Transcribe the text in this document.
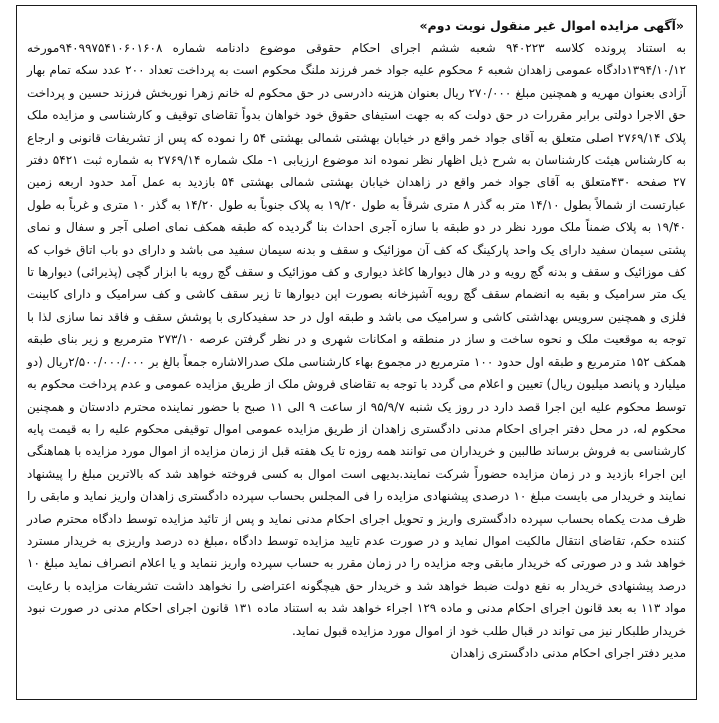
«آگهی مزایده اموال غیر منقول نوبت دوم»

به استناد پرونده کلاسه ۹۴۰۲۲۳ شعبه ششم اجرای احکام حقوقی موضوع دادنامه شماره ۹۴۰۹۹۷۵۴۱۰۶۰۱۶۰۸مورخه ۱۳۹۴/۱۰/۱۲دادگاه عمومی زاهدان شعبه ۶ محکوم علیه جواد خمر فرزند ملنگ محکوم است به پرداخت تعداد ۲۰۰ عدد سکه تمام بهار آزادی بعنوان مهریه و همچنین مبلغ ۲۷۰/۰۰۰ ریال بعنوان هزینه دادرسی در حق محکوم له خانم زهرا نوربخش فرزند حسین و پرداخت حق الاجرا دولتی برابر مقررات در حق دولت که به جهت استیفای حقوق خود خواهان بدواً تقاضای توقیف و کارشناسی و مزایده ملک پلاک ۲۷۶۹/۱۴ اصلی متعلق به آقای جواد خمر واقع در خیابان بهشتی شمالی بهشتی ۵۴ را نموده که پس از تشریفات قانونی و ارجاع به کارشناس هیئت کارشناسان به شرح ذیل اظهار نظر نموده اند موضوع ارزیابی ۱- ملک شماره ۲۷۶۹/۱۴ به شماره ثبت ۵۴۲۱ دفتر ۲۷ صفحه ۴۳۰متعلق به آقای جواد خمر واقع در زاهدان خیابان بهشتی شمالی بهشتی ۵۴ بازدید به عمل آمد حدود اربعه زمین عبارتست از شمالاً بطول ۱۴/۱۰ متر به گذر ۸ متری شرقاً به طول ۱۹/۲۰ به پلاک جنوباً به طول ۱۴/۲۰ به گذر ۱۰ متری و غرباً به طول ۱۹/۴۰ به پلاک ضمناً ملک مورد نظر در دو طبقه با سازه آجری احداث بنا گردیده که طبقه همکف نمای اصلی آجر و سفال و نمای پشتی سیمان سفید دارای یک واحد پارکینگ که کف آن موزائیک و سقف و بدنه سیمان سفید می باشد و دارای دو باب اتاق خواب که کف موزائیک و سقف و بدنه گچ رویه و در هال دیوارها کاغذ دیواری و کف موزائیک و سقف گچ رویه با ابزار گچی (پذیرائی) دیوارها تا یک متر سرامیک و بقیه به انضمام سقف گچ رویه آشپزخانه بصورت اپن دیوارها تا زیر سقف کاشی و کف سرامیک و دارای کابینت فلزی و همچنین سرویس بهداشتی کاشی و سرامیک می باشد و طبقه اول در حد سفیدکاری با پوشش سقف و فاقد نما سازی لذا با توجه به موقعیت ملک و نحوه ساخت و ساز در منطقه و امکانات شهری و در نظر گرفتن عرصه ۲۷۳/۱۰ مترمربع و زیر بنای طبقه همکف ۱۵۲ مترمربع و طبقه اول حدود ۱۰۰ مترمربع در مجموع بهاء کارشناسی ملک صدرالاشاره جمعاً بالغ بر ۲/۵۰۰/۰۰۰/۰۰۰ریال (دو میلیارد و پانصد میلیون ریال) تعیین و اعلام می گردد با توجه به تقاضای فروش ملک از طریق مزایده عمومی و عدم پرداخت محکوم به توسط محکوم علیه این اجرا قصد دارد در روز یک شنبه ۹۵/۹/۷ از ساعت ۹ الی ۱۱ صبح با حضور نماینده محترم دادستان و همچنین محکوم له، در محل دفتر اجرای احکام مدنی دادگستری زاهدان از طریق مزایده عمومی اموال توقیفی محکوم علیه را به قیمت پایه کارشناسی به فروش برساند طالبین و خریداران می توانند همه روزه تا یک هفته قبل از زمان مزایده از اموال مورد مزایده با هماهنگی این اجراء بازدید و در زمان مزایده حضوراً شرکت نمایند.بدیهی است اموال به کسی فروخته خواهد شد که بالاترین مبلغ را پیشنهاد نمایند و خریدار می بایست مبلغ ۱۰ درصدی پیشنهادی مزایده را فی المجلس بحساب سپرده دادگستری زاهدان واریز نماید و مابقی را ظرف مدت یکماه بحساب سپرده دادگستری واریز و تحویل اجرای احکام مدنی نماید و پس از تائید مزایده توسط دادگاه محترم صادر کننده حکم، تقاضای انتقال مالکیت اموال نماید و در صورت عدم تایید مزایده توسط دادگاه ،مبلغ ده درصد واریزی به خریدار مسترد خواهد شد و در صورتی که خریدار مابقی وجه مزایده را در زمان مقرر به حساب سپرده واریز ننماید و یا اعلام انصراف نماید مبلغ ۱۰ درصد پیشنهادی خریدار به نفع دولت ضبط خواهد شد و خریدار حق هیچگونه اعتراضی را نخواهد داشت تشریفات مزایده با رعایت مواد ۱۱۳ به بعد قانون اجرای احکام مدنی و ماده ۱۲۹ اجراء خواهد شد به استناد ماده ۱۳۱ قانون اجرای احکام مدنی در صورت نبود خریدار طلبکار نیز می تواند در قبال طلب خود از اموال مورد مزایده قبول نماید.

مدیر دفتر اجرای احکام مدنی دادگستری زاهدان
